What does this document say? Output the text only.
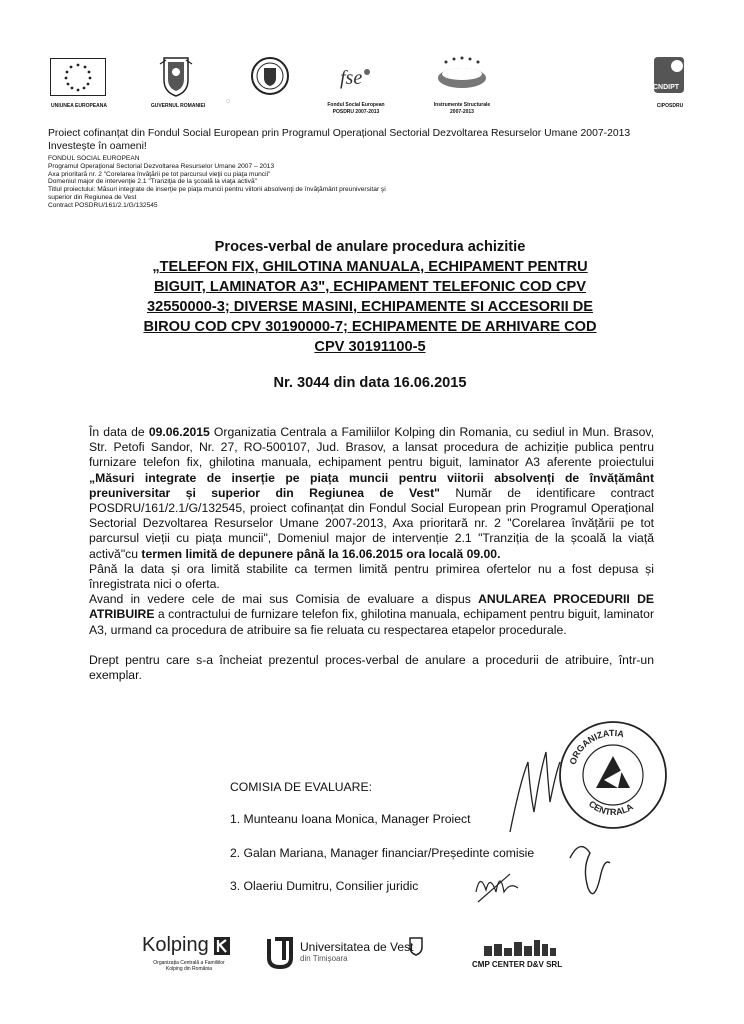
UNIUNEA EUROPEANA	GUVERNUL ROMANIEI
◌
fse
Fondul Social European
POSDRU 2007-2013
Instrumente Structurale
2007-2013
CNDIPT
CIPOSDRU
Proiect cofinanțat din Fondul Social European prin Programul Operațional Sectorial Dezvoltarea Resurselor Umane 2007-2013
Investește în oameni!
FONDUL SOCIAL EUROPEAN
Programul Operaţional Sectorial Dezvoltarea Resurselor Umane 2007 – 2013
Axa prioritară nr. 2 "Corelarea învăţării pe tot parcursul vieţii cu piaţa muncii"
Domeniul major de intervenţie 2.1 "Tranziţia de la şcoală la viaţa activă"
Titlul proiectului: Măsuri integrate de inserţie pe piaţa muncii pentru viitorii absolvenţi de învăţământ preuniversitar şi
superior din Regiunea de Vest
Contract POSDRU/161/2.1/G/132545
Proces-verbal de anulare procedura achizitie
„TELEFON FIX, GHILOTINA MANUALA, ECHIPAMENT PENTRU
BIGUIT, LAMINATOR A3", ECHIPAMENT TELEFONIC COD CPV
32550000-3; DIVERSE MASINI, ECHIPAMENTE SI ACCESORII DE
BIROU COD CPV 30190000-7; ECHIPAMENTE DE ARHIVARE COD
CPV 30191100-5
Nr. 3044 din data 16.06.2015

În data de 09.06.2015 Organizatia Centrala a Familiilor Kolping din Romania, cu sediul in Mun. Brasov, Str. Petofi Sandor, Nr. 27, RO-500107, Jud. Brasov, a lansat procedura de achiziție publica pentru furnizare telefon fix, ghilotina manuala, echipament pentru biguit, laminator A3 aferente proiectului „Măsuri integrate de inserție pe piața muncii pentru viitorii absolvenți de învățământ preuniversitar și superior din Regiunea de Vest" Număr de identificare contract POSDRU/161/2.1/G/132545, proiect cofinanțat din Fondul Social European prin Programul Operațional Sectorial Dezvoltarea Resurselor Umane 2007-2013, Axa prioritară nr. 2 "Corelarea învățării pe tot parcursul vieții cu piața muncii", Domeniul major de intervenție 2.1 "Tranziția de la școală la viață activă"cu termen limită de depunere până la 16.06.2015 ora locală 09.00.

Până la data și ora limită stabilite ca termen limită pentru primirea ofertelor nu a fost depusa și înregistrata nici o oferta.

Avand in vedere cele de mai sus Comisia de evaluare a dispus ANULAREA PROCEDURII DE ATRIBUIRE a contractului de furnizare telefon fix, ghilotina manuala, echipament pentru biguit, laminator A3, urmand ca procedura de atribuire sa fie reluata cu respectarea etapelor procedurale.

Drept pentru care s-a încheiat prezentul proces-verbal de anulare a procedurii de atribuire, într-un exemplar.

COMISIA DE EVALUARE:
1. Munteanu Ioana Monica, Manager Proiect
2. Galan Mariana, Manager financiar/Președinte comisie
3. Olaeriu Dumitru, Consilier juridic
ORGANIZATIA
CENTRALA
Kolping
Organizația Centrală a Familiilor
Kolping din România
Universitatea de Vest
din Timișoara
CMP CENTER D&V SRL
